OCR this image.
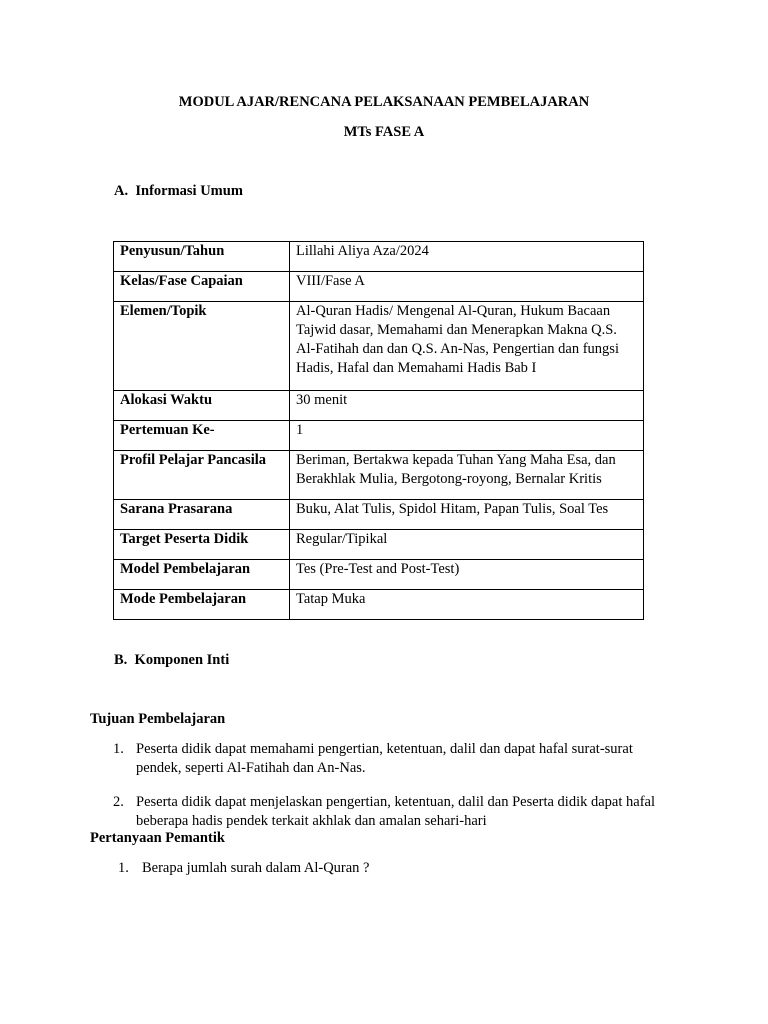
MODUL AJAR/RENCANA PELAKSANAAN PEMBELAJARAN
MTs FASE A
A. Informasi Umum
Penyusun/Tahun	Lillahi Aliya Aza/2024
Kelas/Fase Capaian	VIII/Fase A
Elemen/Topik	Al-Quran Hadis/ Mengenal Al-Quran, Hukum Bacaan Tajwid dasar, Memahami dan Menerapkan Makna Q.S. Al-Fatihah dan dan Q.S. An-Nas, Pengertian dan fungsi Hadis, Hafal dan Memahami Hadis Bab I
Alokasi Waktu	30 menit
Pertemuan Ke-	1
Profil Pelajar Pancasila	Beriman, Bertakwa kepada Tuhan Yang Maha Esa, dan Berakhlak Mulia, Bergotong-royong, Bernalar Kritis
Sarana Prasarana	Buku, Alat Tulis, Spidol Hitam, Papan Tulis, Soal Tes
Target Peserta Didik	Regular/Tipikal
Model Pembelajaran	Tes (Pre-Test and Post-Test)
Mode Pembelajaran	Tatap Muka
B. Komponen Inti
Tujuan Pembelajaran
1. Peserta didik dapat memahami pengertian, ketentuan, dalil dan dapat hafal surat-surat
pendek, seperti Al-Fatihah dan An-Nas.
2. Peserta didik dapat menjelaskan pengertian, ketentuan, dalil dan Peserta didik dapat hafal
beberapa hadis pendek terkait akhlak dan amalan sehari-hari
Pertanyaan Pemantik
1. Berapa jumlah surah dalam Al-Quran ?
